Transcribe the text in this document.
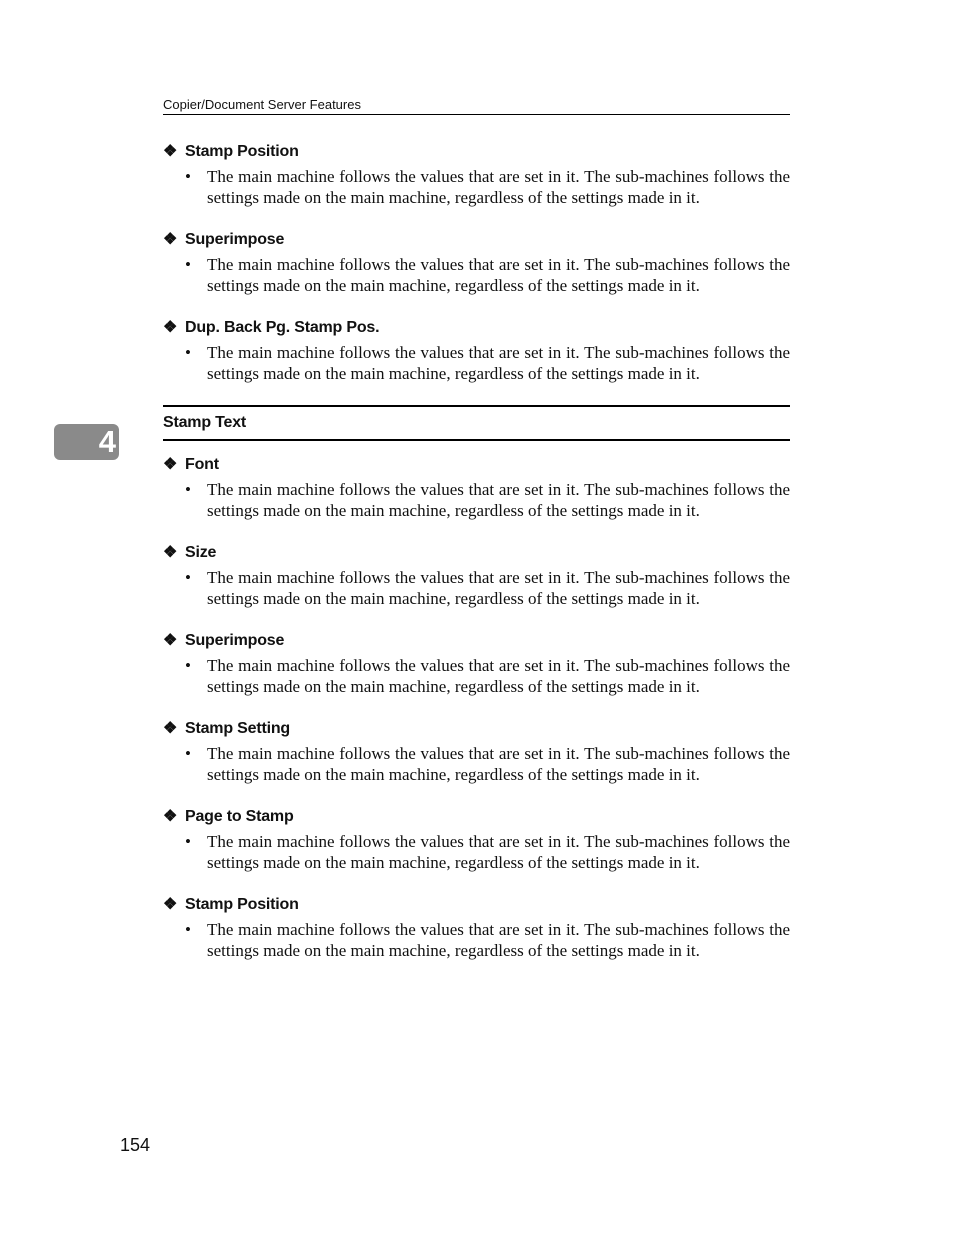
Copier/Document Server Features
4
❖ Stamp Position
• The main machine follows the values that are set in it. The sub-machines follows the settings made on the main machine, regardless of the settings made in it.
❖ Superimpose
• The main machine follows the values that are set in it. The sub-machines follows the settings made on the main machine, regardless of the settings made in it.
❖ Dup. Back Pg. Stamp Pos.
• The main machine follows the values that are set in it. The sub-machines follows the settings made on the main machine, regardless of the settings made in it.
Stamp Text
❖ Font
• The main machine follows the values that are set in it. The sub-machines follows the settings made on the main machine, regardless of the settings made in it.
❖ Size
• The main machine follows the values that are set in it. The sub-machines follows the settings made on the main machine, regardless of the settings made in it.
❖ Superimpose
• The main machine follows the values that are set in it. The sub-machines follows the settings made on the main machine, regardless of the settings made in it.
❖ Stamp Setting
• The main machine follows the values that are set in it. The sub-machines follows the settings made on the main machine, regardless of the settings made in it.
❖ Page to Stamp
• The main machine follows the values that are set in it. The sub-machines follows the settings made on the main machine, regardless of the settings made in it.
❖ Stamp Position
• The main machine follows the values that are set in it. The sub-machines follows the settings made on the main machine, regardless of the settings made in it.
154
